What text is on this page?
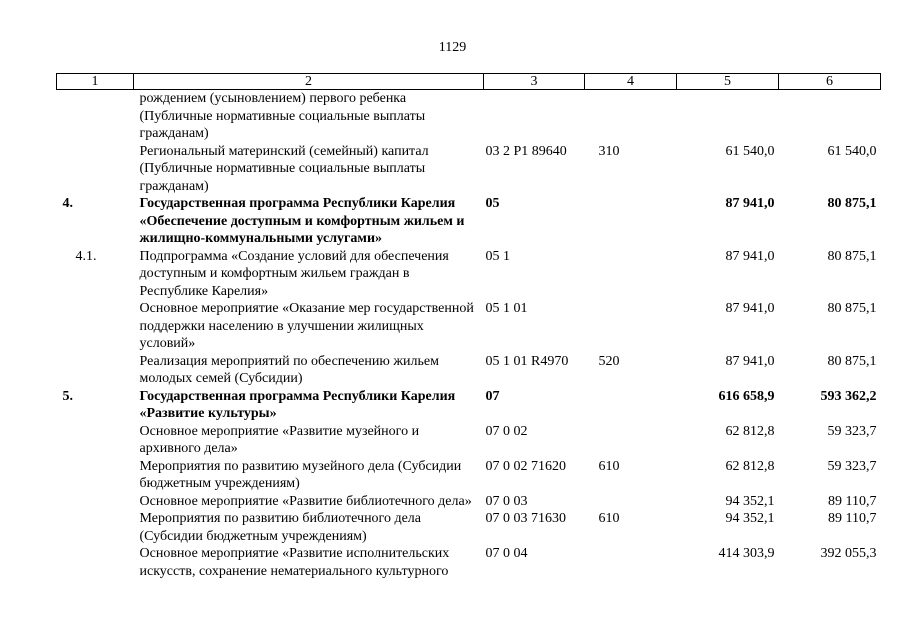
1129
1	2	3	4	5	6
	рождением (усыновлением) первого ребенка (Публичные нормативные социальные выплаты гражданам)				
	Региональный материнский (семейный) капитал (Публичные нормативные социальные выплаты гражданам)	03 2 P1 89640	310	61 540,0	61 540,0
4.	Государственная программа Республики Карелия «Обеспечение доступным и комфортным жильем и жилищно-коммунальными услугами»	05		87 941,0	80 875,1
4.1.	Подпрограмма «Создание условий для обеспечения доступным и комфортным жильем граждан в Республике Карелия»	05 1		87 941,0	80 875,1
	Основное мероприятие «Оказание мер государственной поддержки населению в улучшении жилищных условий»	05 1 01		87 941,0	80 875,1
	Реализация мероприятий по обеспечению жильем молодых семей (Субсидии)	05 1 01 R4970	520	87 941,0	80 875,1
5.	Государственная программа Республики Карелия «Развитие культуры»	07		616 658,9	593 362,2
	Основное мероприятие «Развитие музейного и архивного дела»	07 0 02		62 812,8	59 323,7
	Мероприятия по развитию музейного дела (Субсидии бюджетным учреждениям)	07 0 02 71620	610	62 812,8	59 323,7
	Основное мероприятие «Развитие библиотечного дела»	07 0 03		94 352,1	89 110,7
	Мероприятия по развитию библиотечного дела (Субсидии бюджетным учреждениям)	07 0 03 71630	610	94 352,1	89 110,7
	Основное мероприятие «Развитие исполнительских искусств, сохранение нематериального культурного	07 0 04		414 303,9	392 055,3
